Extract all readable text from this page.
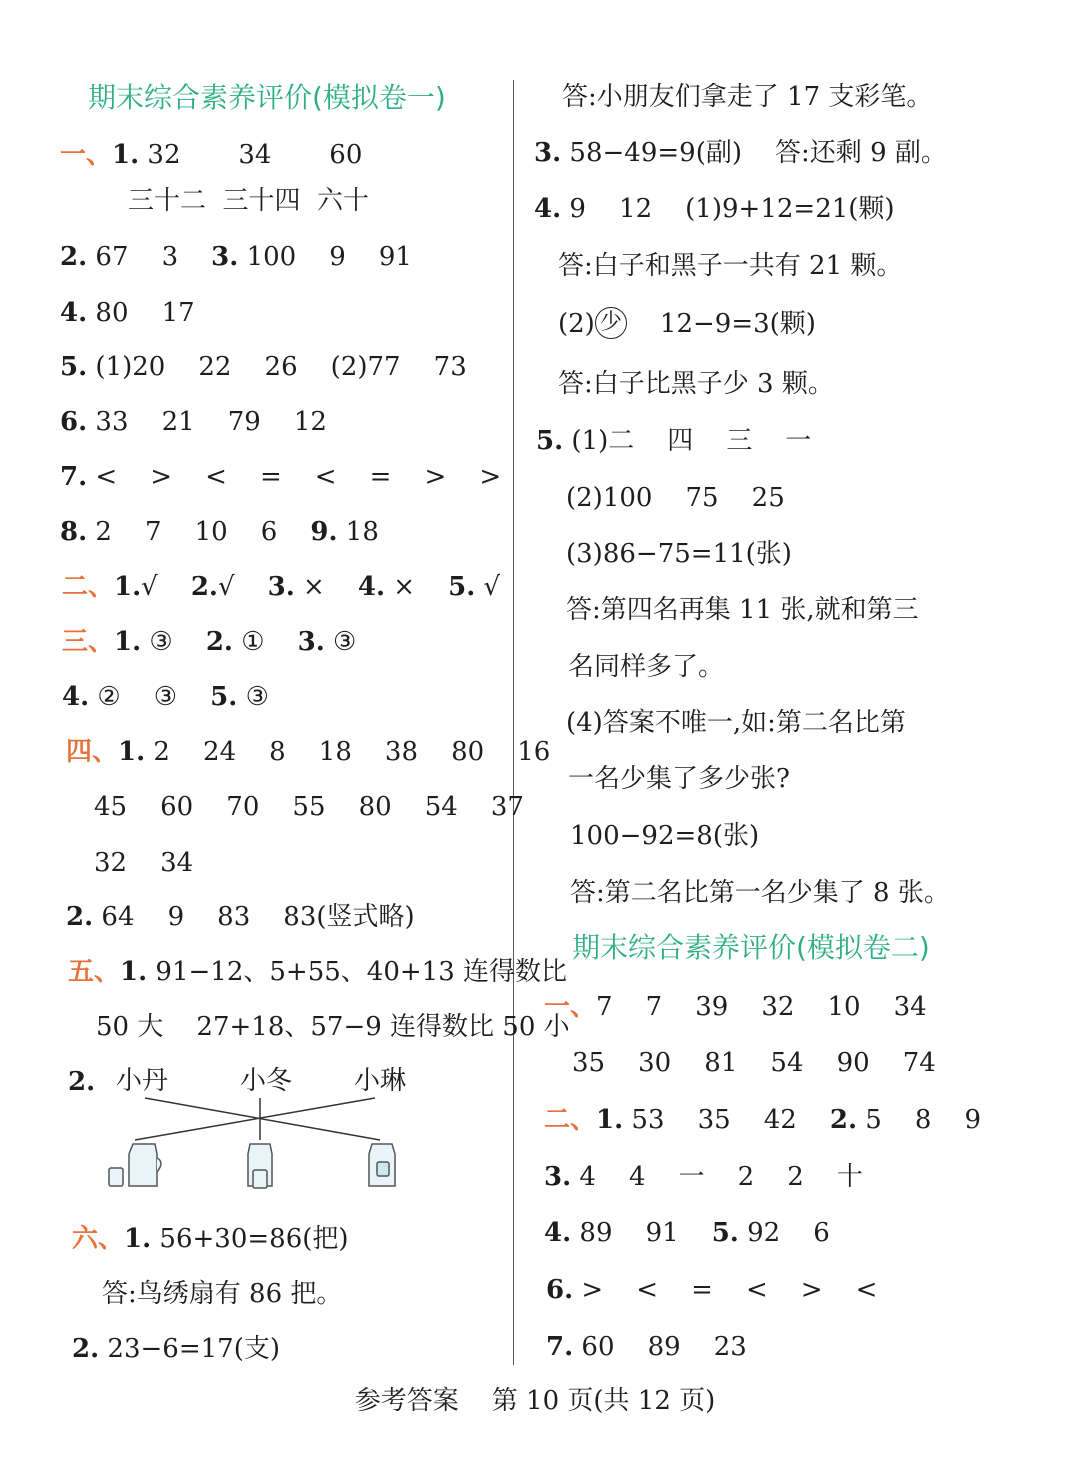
期末综合素养评价(模拟卷一)
一、1. 32       34       60
三十二  三十四  六十
2. 67    3    3. 100    9    91
4. 80    17
5. (1)20    22    26    (2)77    73
6. 33    21    79    12
7. <    >    <    =    <    =    >    >
8. 2    7    10    6    9. 18
二、1.√    2.√    3. ×    4. ×    5. √
三、1. ③    2. ①    3. ③
4. ②    ③    5. ③
四、1. 2    24    8    18    38    80    16
45    60    70    55    80    54    37
32    34
2. 64    9    83    83(竖式略)
五、1. 91−12、5+55、40+13 连得数比
50 大    27+18、57−9 连得数比 50 小
2. 小丹	小冬 小琳
六、1. 56+30=86(把)
答:鸟绣扇有 86 把。
2. 23−6=17(支)
答:小朋友们拿走了 17 支彩笔。
3. 58−49=9(副)    答:还剩 9 副。
4. 9    12    (1)9+12=21(颗)
答:白子和黑子一共有 21 颗。
(2) 少    12−9=3(颗)
答:白子比黑子少 3 颗。
5. (1)二    四    三    一
(2)100    75    25
(3)86−75=11(张)
答:第四名再集 11 张,就和第三
名同样多了。
(4)答案不唯一,如:第二名比第
一名少集了多少张?
100−92=8(张)
答:第二名比第一名少集了 8 张。
期末综合素养评价(模拟卷二)
一、7    7    39    32    10    34
35    30    81    54    90    74
二、1. 53    35    42    2. 5    8    9
3. 4    4    一    2    2    十
4. 89    91    5. 92    6
6. >    <    =    <    >    <
7. 60    89    23
参考答案    第 10 页(共 12 页)
